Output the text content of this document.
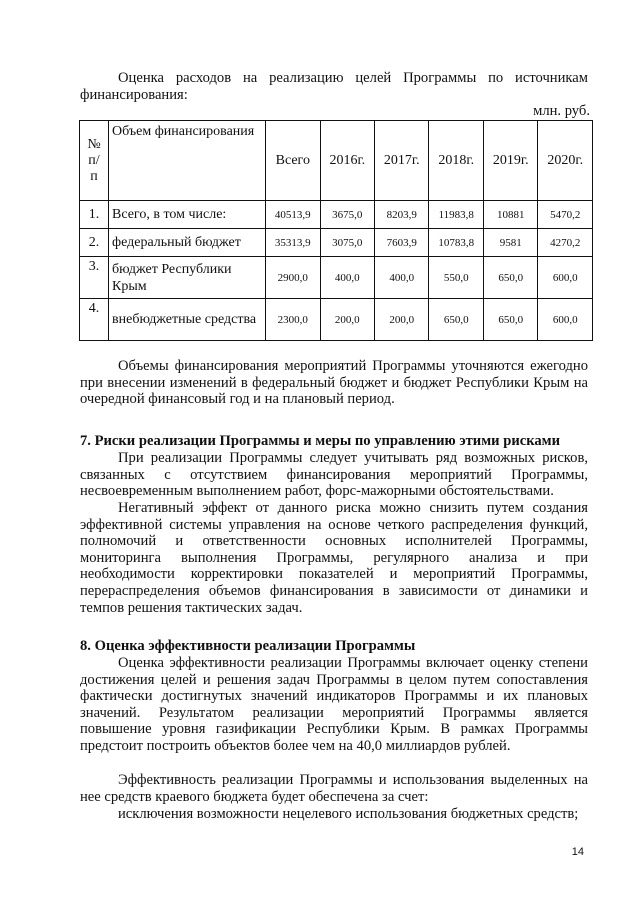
Оценка расходов на реализацию целей Программы по источникам финансирования:

млн. руб.
№ п/ п	Объем финансирования	Всего	2016г.	2017г.	2018г.	2019г.	2020г.
1.	Всего, в том числе:	40513,9	3675,0	8203,9	11983,8	10881	5470,2
2.	федеральный бюджет	35313,9	3075,0	7603,9	10783,8	9581	4270,2
3.	бюджет Республики Крым	2900,0	400,0	400,0	550,0	650,0	600,0
4.	внебюджетные средства	2300,0	200,0	200,0	650,0	650,0	600,0

Объемы финансирования мероприятий Программы уточняются ежегодно при внесении изменений в федеральный бюджет и бюджет Республики Крым на очередной финансовый год и на плановый период.

7. Риски реализации Программы и меры по управлению этими рисками

При реализации Программы следует учитывать ряд возможных рисков, связанных с отсутствием финансирования мероприятий Программы, несвоевременным выполнением работ, форс-мажорными обстоятельствами.

Негативный эффект от данного риска можно снизить путем создания эффективной системы управления на основе четкого распределения функций, полномочий и ответственности основных исполнителей Программы, мониторинга выполнения Программы, регулярного анализа и при необходимости корректировки показателей и мероприятий Программы, перераспределения объемов финансирования в зависимости от динамики и темпов решения тактических задач.

8. Оценка эффективности реализации Программы

Оценка эффективности реализации Программы включает оценку степени достижения целей и решения задач Программы в целом путем сопоставления фактически достигнутых значений индикаторов Программы и их плановых значений. Результатом реализации мероприятий Программы является повышение уровня газификации Республики Крым. В рамках Программы предстоит построить объектов более чем на 40,0 миллиардов рублей.

Эффективность реализации Программы и использования выделенных на нее средств краевого бюджета будет обеспечена за счет:

исключения возможности нецелевого использования бюджетных средств;

14
